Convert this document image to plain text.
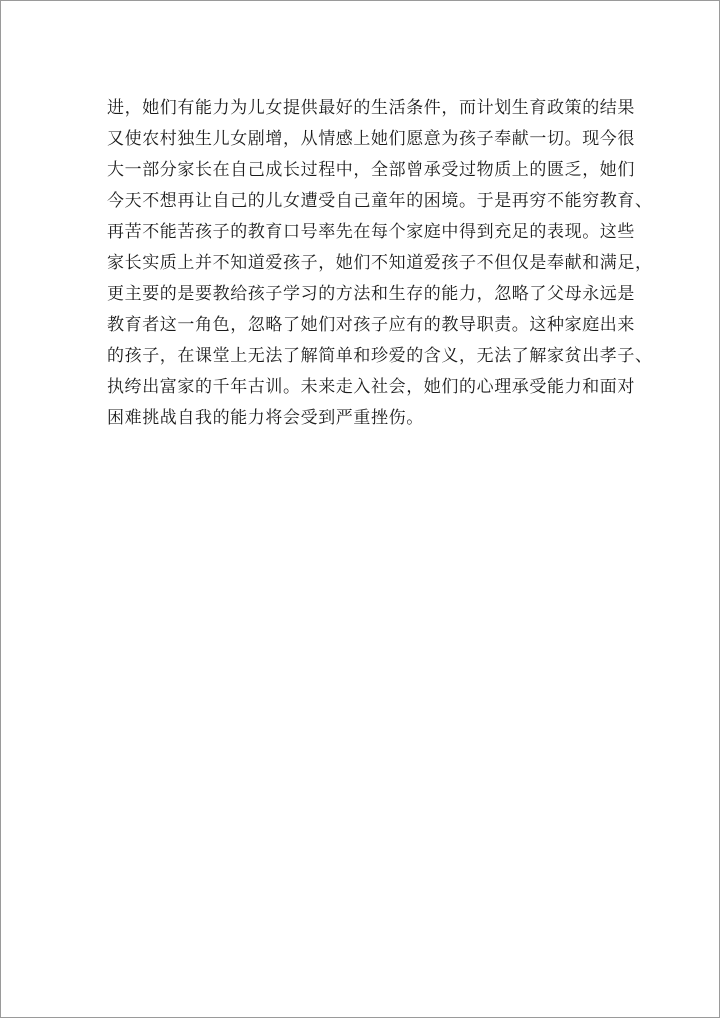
进，她们有能力为儿女提供最好的生活条件，而计划生育政策的结果
又使农村独生儿女剧增，从情感上她们愿意为孩子奉献一切。现今很
大一部分家长在自己成长过程中，全部曾承受过物质上的匮乏，她们
今天不想再让自己的儿女遭受自己童年的困境。于是再穷不能穷教育、
再苦不能苦孩子的教育口号率先在每个家庭中得到充足的表现。这些
家长实质上并不知道爱孩子，她们不知道爱孩子不但仅是奉献和满足，
更主要的是要教给孩子学习的方法和生存的能力，忽略了父母永远是
教育者这一角色，忽略了她们对孩子应有的教导职责。这种家庭出来
的孩子，在课堂上无法了解简单和珍爱的含义，无法了解家贫出孝子、
执绔出富家的千年古训。未来走入社会，她们的心理承受能力和面对
困难挑战自我的能力将会受到严重挫伤。
